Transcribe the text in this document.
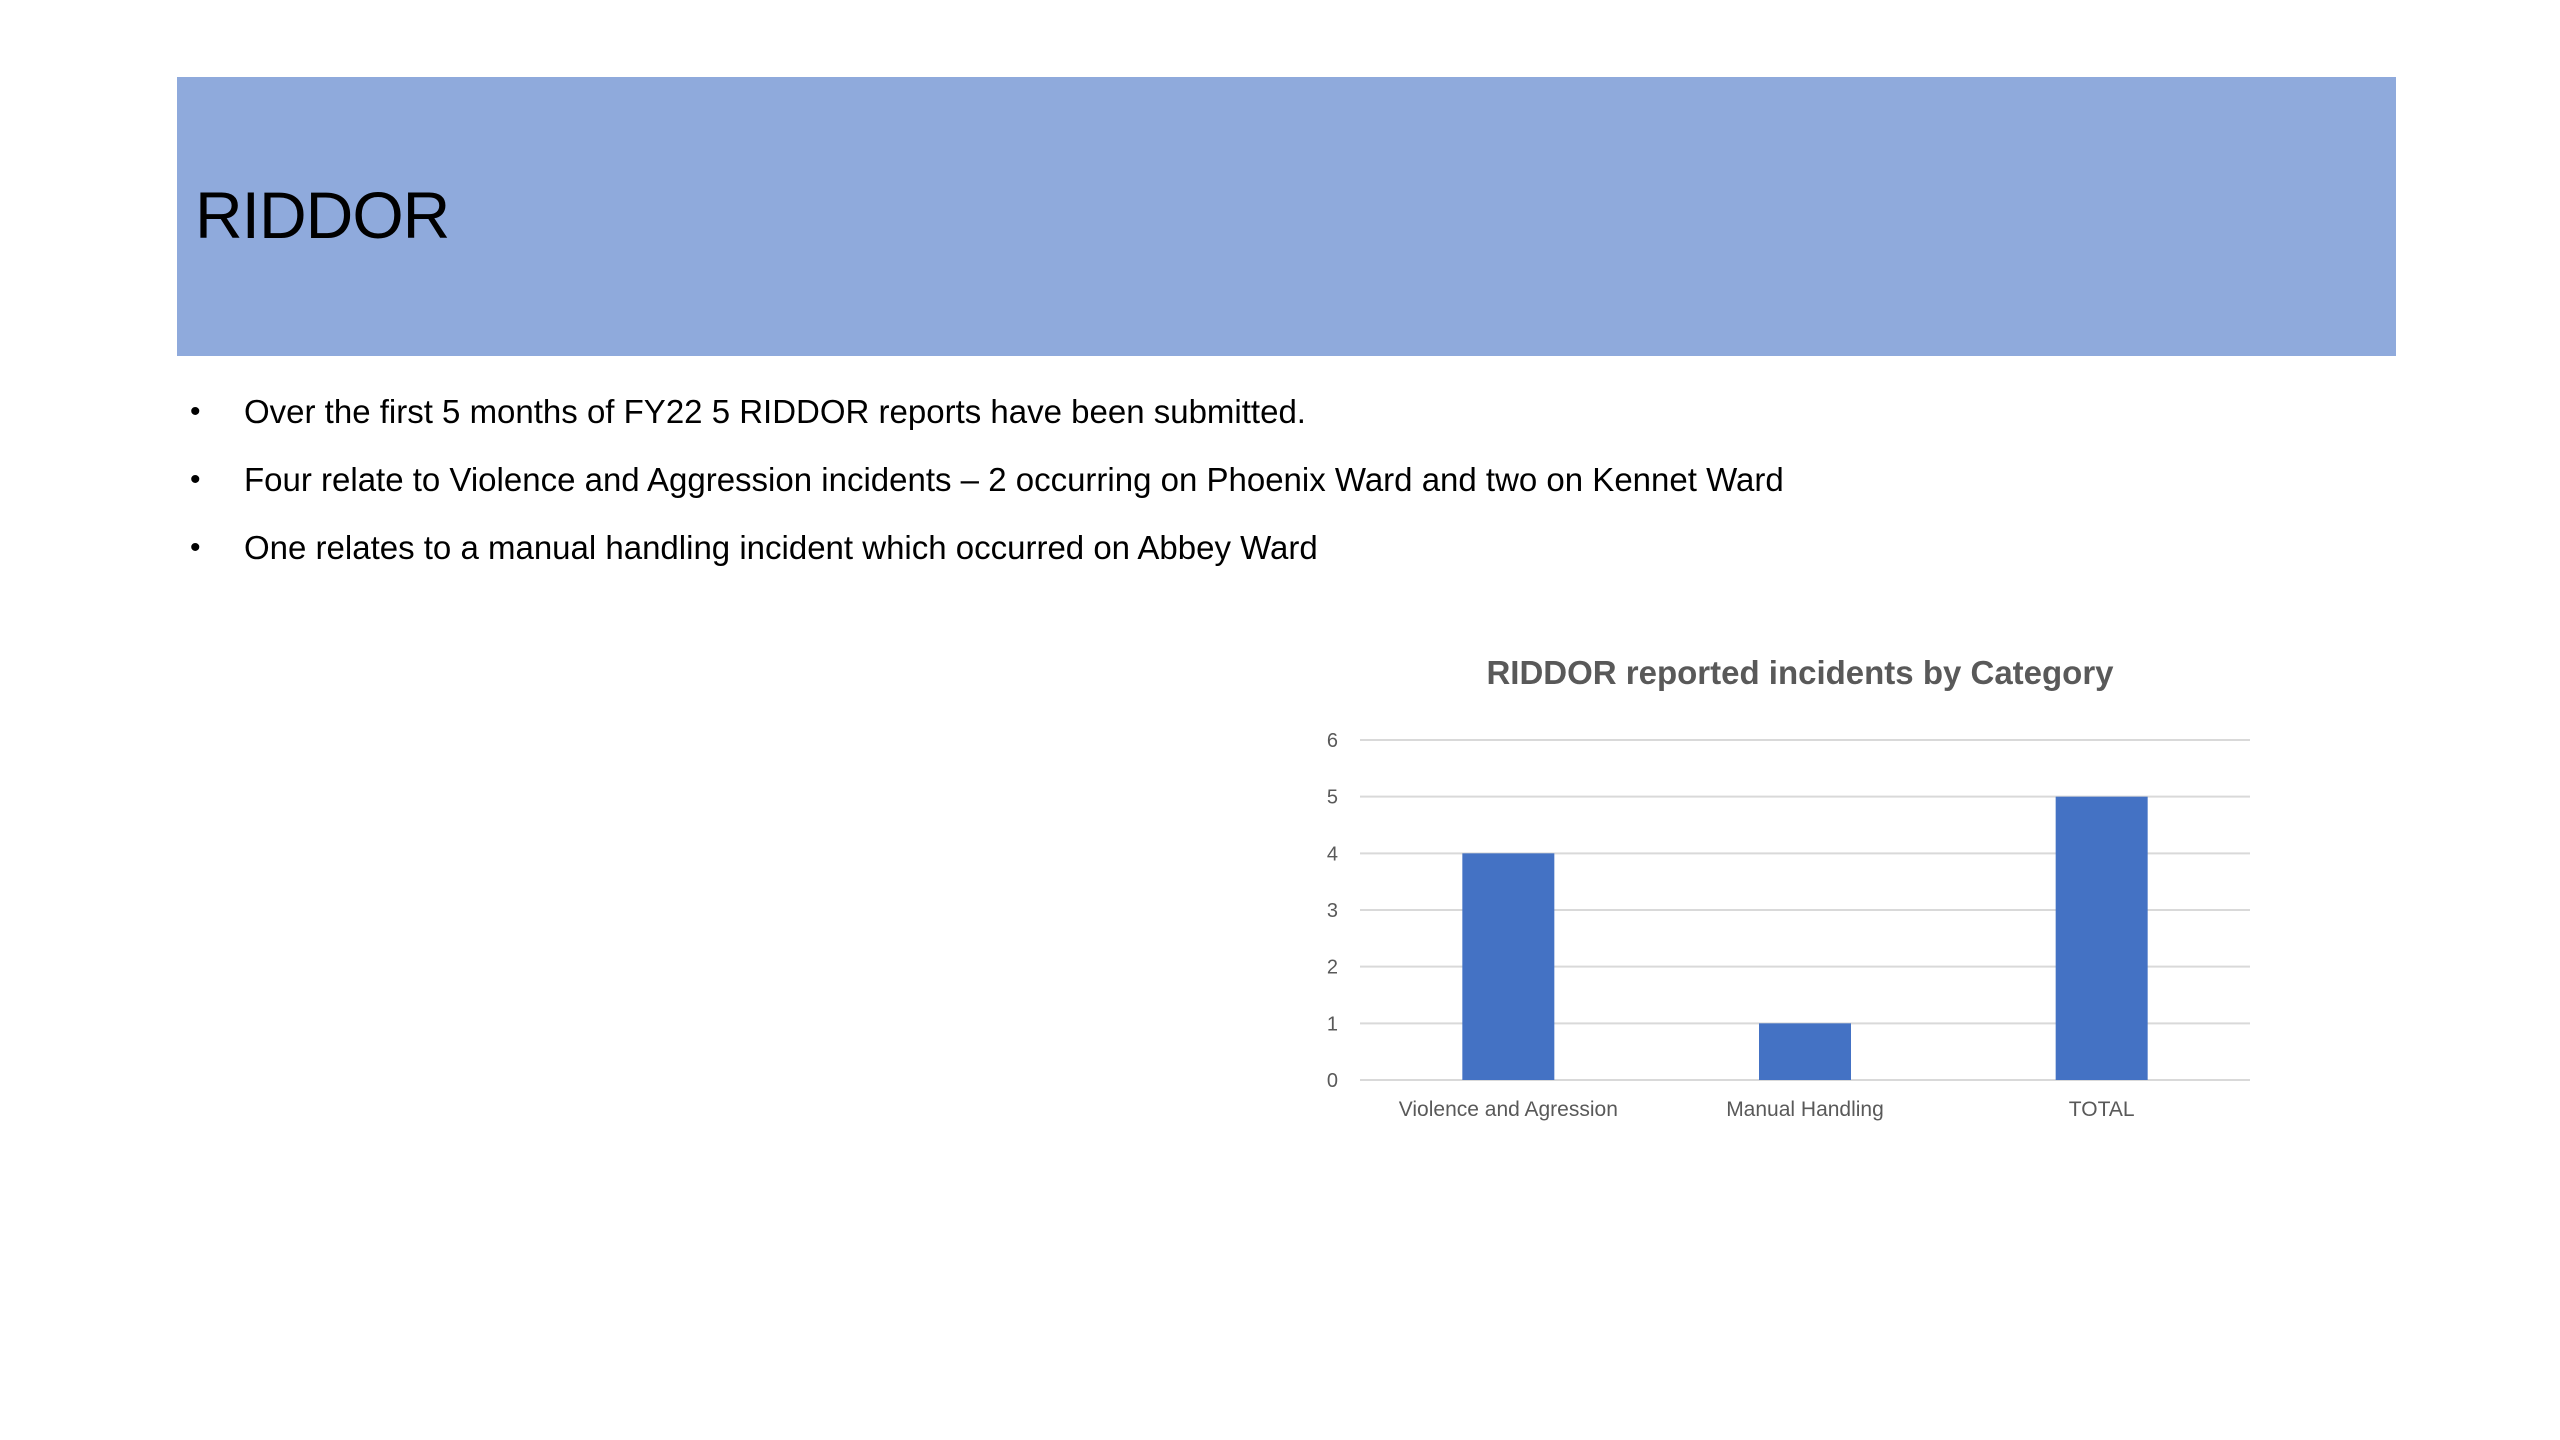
RIDDOR
• Over the first 5 months of FY22 5 RIDDOR reports have been submitted.
• Four relate to Violence and Aggression incidents – 2 occurring on Phoenix Ward and two on Kennet Ward
• One relates to a manual handling incident which occurred on Abbey Ward
RIDDOR reported incidents by Category
0
1
2
3
4
5
6
Violence and Agression	Manual Handling	TOTAL
